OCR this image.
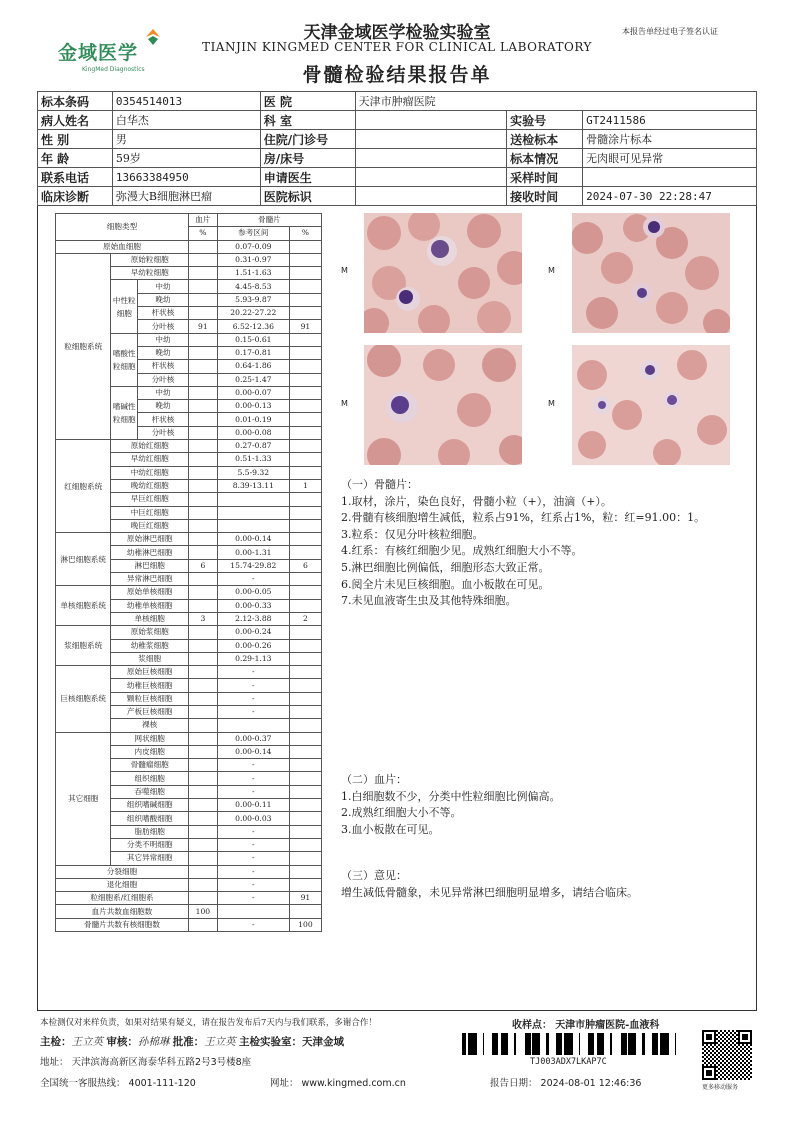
金域医学
KingMed Diagnostics
天津金域医学检验实验室
TIANJIN KINGMED CENTER FOR CLINICAL LABORATORY
骨髓检验结果报告单
本报告单经过电子签名认证
标本条码	0354514013	医 院	天津市肿瘤医院		
病人姓名	白华杰	科 室		实验号	GT2411586
性 别	男	住院/门诊号		送检标本	骨髓涂片标本
年 龄	59岁	房/床号		标本情况	无肉眼可见异常
联系电话	13663384950	申请医生		采样时间	
临床诊断	弥漫大B细胞淋巴瘤	医院标识		接收时间	2024-07-30 22:28:47
细胞类型			血片	骨髓片	
			%	参考区间	%
原始血细胞				0.07-0.09	
粒细胞系统	原始粒细胞			0.31-0.97	
	早幼粒细胞			1.51-1.63	
	中性粒细胞	中幼		4.45-8.53	
		晚幼		5.93-9.87	
		杆状核		20.22-27.22	
		分叶核	91	6.52-12.36	91
	嗜酸性粒细胞	中幼		0.15-0.61	
		晚幼		0.17-0.81	
		杆状核		0.64-1.86	
		分叶核		0.25-1.47	
	嗜碱性粒细胞	中幼		0.00-0.07	
		晚幼		0.00-0.13	
		杆状核		0.01-0.19	
		分叶核		0.00-0.08	
红细胞系统	原始红细胞			0.27-0.87	
	早幼红细胞			0.51-1.33	
	中幼红细胞			5.5-9.32	
	晚幼红细胞			8.39-13.11	1
	早巨红细胞				
	中巨红细胞				
	晚巨红细胞				
淋巴细胞系统	原始淋巴细胞			0.00-0.14	
	幼稚淋巴细胞			0.00-1.31	
	淋巴细胞		6	15.74-29.82	6
	异常淋巴细胞			-	
单核细胞系统	原始单核细胞			0.00-0.05	
	幼稚单核细胞			0.00-0.33	
	单核细胞		3	2.12-3.88	2
浆细胞系统	原始浆细胞			0.00-0.24	
	幼稚浆细胞			0.00-0.26	
	浆细胞			0.29-1.13	
巨核细胞系统	原始巨核细胞			-	
	幼稚巨核细胞			-	
	颗粒巨核细胞			-	
	产板巨核细胞			-	
	裸核				
其它细胞	网状细胞			0.00-0.37	
	内皮细胞			0.00-0.14	
	骨髓瘤细胞			-	
	组织细胞			-	
	吞噬细胞			-	
	组织嗜碱细胞			0.00-0.11	
	组织嗜酸细胞			0.00-0.03	
	脂肪细胞			-	
	分类不明细胞			-	
	其它异常细胞			-	
分裂细胞				-	
退化细胞				-	
粒细胞系/红细胞系				-	91
血片共数血细胞数			100		
骨髓片共数有核细胞数				-	100
M	M
M	M
（一）骨髓片：
1.取材，涂片，染色良好，骨髓小粒（+），油滴（+）。
2.骨髓有核细胞增生减低，粒系占91%，红系占1%，粒：红=91.00：1。
3.粒系：仅见分叶核粒细胞。
4.红系：有核红细胞少见。成熟红细胞大小不等。
5.淋巴细胞比例偏低，细胞形态大致正常。
6.阅全片未见巨核细胞。血小板散在可见。
7.未见血液寄生虫及其他特殊细胞。
（二）血片：
1.白细胞数不少，分类中性粒细胞比例偏高。
2.成熟红细胞大小不等。
3.血小板散在可见。
（三）意见：
增生减低骨髓象，未见异常淋巴细胞明显增多，请结合临床。
本检测仅对来样负责，如果对结果有疑义，请在报告发布后7天内与我们联系，多谢合作！	收样点： 天津市肿瘤医院-血液科
主检：王立英 审核：孙棉琳 批准：王立英 主检实验室：天津金域
地址： 天津滨海高新区海泰华科五路2号3号楼8座
全国统一客服热线： 4001-111-120	网址： www.kingmed.com.cn	报告日期： 2024-08-01 12:46:36
TJ003ADX7LKAP7C
更多移动服务
